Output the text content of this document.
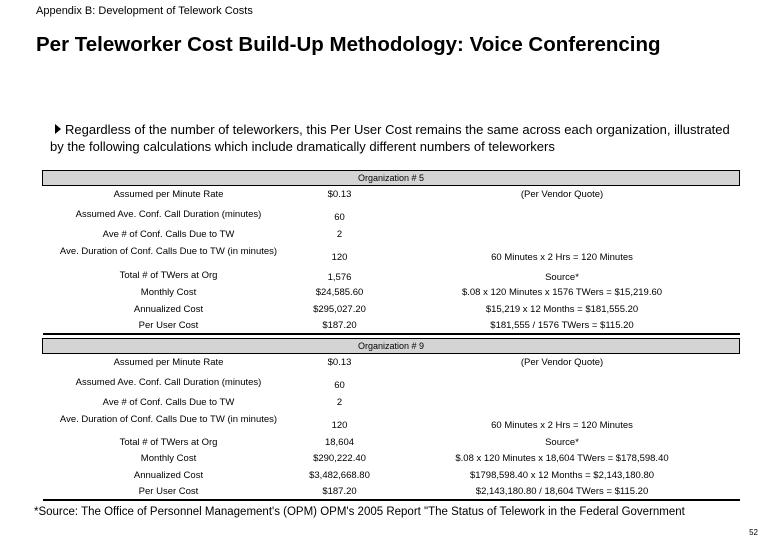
Appendix B: Development of Telework Costs
Per Teleworker Cost Build-Up Methodology: Voice Conferencing
Regardless of the number of teleworkers, this Per User Cost remains the same across each organization, illustrated by the following calculations which include dramatically different numbers of teleworkers
Organization # 5		
Assumed per Minute Rate	$0.13	(Per Vendor Quote)
Assumed Ave. Conf. Call Duration (minutes)	60	
Ave # of Conf. Calls Due to TW	2	
Ave. Duration of Conf. Calls Due to TW (in minutes)	120	60 Minutes x 2 Hrs = 120 Minutes
Total # of TWers at Org	1,576	Source*
Monthly Cost	$24,585.60	$.08 x 120 Minutes x 1576 TWers = $15,219.60
Annualized Cost	$295,027.20	$15,219 x 12 Months = $181,555.20
Per User Cost	$187.20	$181,555 / 1576 TWers = $115.20
Organization # 9		
Assumed per Minute Rate	$0.13	(Per Vendor Quote)
Assumed Ave. Conf. Call Duration (minutes)	60	
Ave # of Conf. Calls Due to TW	2	
Ave. Duration of Conf. Calls Due to TW (in minutes)	120	60 Minutes x 2 Hrs = 120 Minutes
Total # of TWers at Org	18,604	Source*
Monthly Cost	$290,222.40	$.08 x 120 Minutes x 18,604 TWers = $178,598.40
Annualized Cost	$3,482,668.80	$1798,598.40 x 12 Months = $2,143,180.80
Per User Cost	$187.20	$2,143,180.80 / 18,604 TWers = $115.20
*Source: The Office of Personnel Management's (OPM) OPM's 2005 Report "The Status of Telework in the Federal Government
52
